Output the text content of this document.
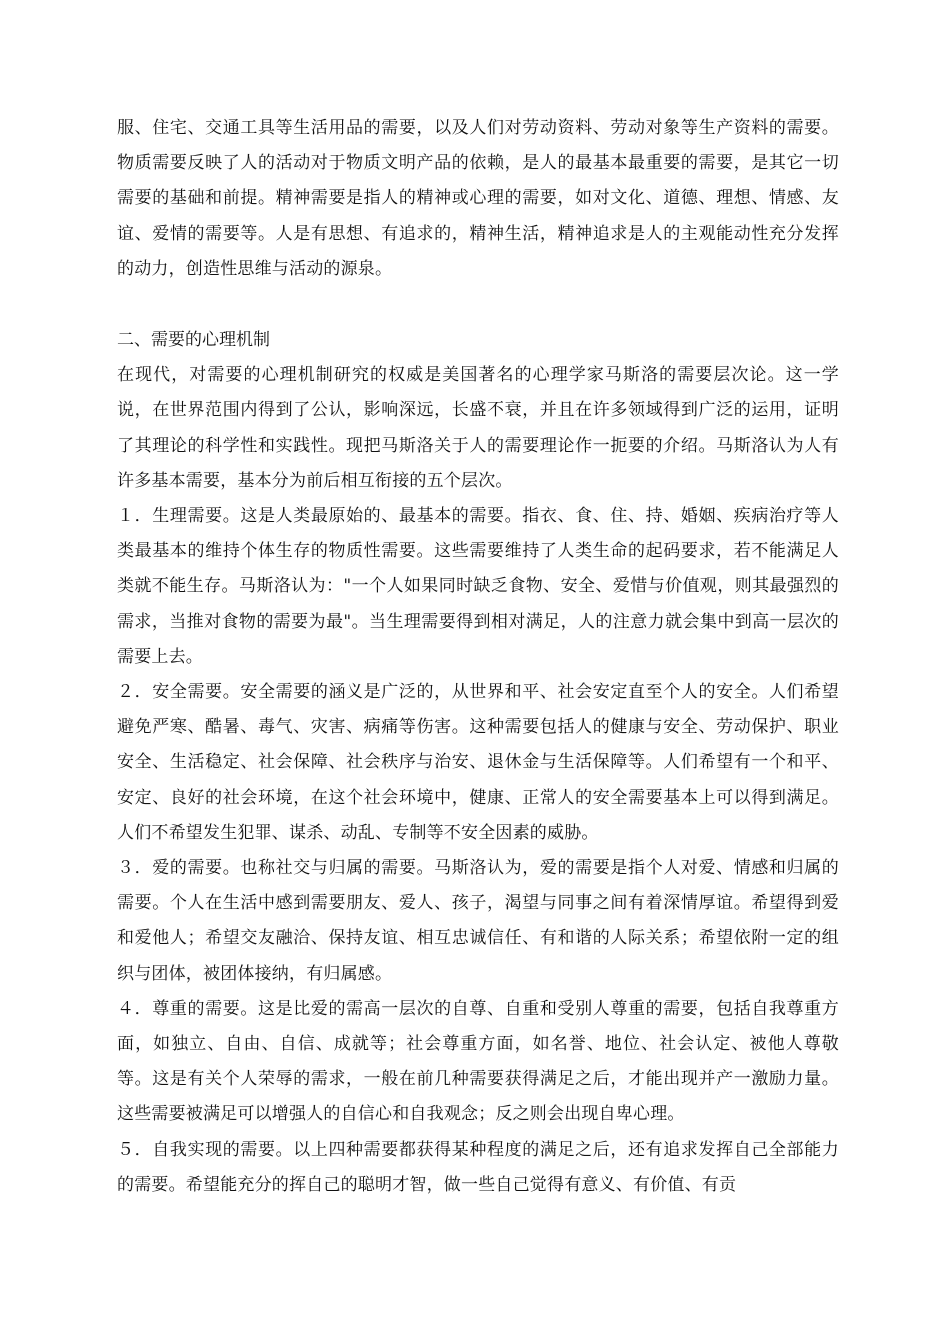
服、住宅、交通工具等生活用品的需要，以及人们对劳动资料、劳动对象等生产资料的需要。物质需要反映了人的活动对于物质文明产品的依赖，是人的最基本最重要的需要，是其它一切需要的基础和前提。精神需要是指人的精神或心理的需要，如对文化、道德、理想、情感、友谊、爱情的需要等。人是有思想、有追求的，精神生活，精神追求是人的主观能动性充分发挥的动力，创造性思维与活动的源泉。

二、需要的心理机制

在现代，对需要的心理机制研究的权威是美国著名的心理学家马斯洛的需要层次论。这一学说，在世界范围内得到了公认，影响深远，长盛不衰，并且在许多领域得到广泛的运用，证明了其理论的科学性和实践性。现把马斯洛关于人的需要理论作一扼要的介绍。马斯洛认为人有许多基本需要，基本分为前后相互衔接的五个层次。

１．生理需要。这是人类最原始的、最基本的需要。指衣、食、住、持、婚姻、疾病治疗等人类最基本的维持个体生存的物质性需要。这些需要维持了人类生命的起码要求，若不能满足人类就不能生存。马斯洛认为："一个人如果同时缺乏食物、安全、爱惜与价值观，则其最强烈的需求，当推对食物的需要为最"。当生理需要得到相对满足，人的注意力就会集中到高一层次的需要上去。

２．安全需要。安全需要的涵义是广泛的，从世界和平、社会安定直至个人的安全。人们希望避免严寒、酷暑、毒气、灾害、病痛等伤害。这种需要包括人的健康与安全、劳动保护、职业安全、生活稳定、社会保障、社会秩序与治安、退休金与生活保障等。人们希望有一个和平、安定、良好的社会环境，在这个社会环境中，健康、正常人的安全需要基本上可以得到满足。人们不希望发生犯罪、谋杀、动乱、专制等不安全因素的威胁。

３．爱的需要。也称社交与归属的需要。马斯洛认为，爱的需要是指个人对爱、情感和归属的需要。个人在生活中感到需要朋友、爱人、孩子，渴望与同事之间有着深情厚谊。希望得到爱和爱他人；希望交友融洽、保持友谊、相互忠诚信任、有和谐的人际关系；希望依附一定的组织与团体，被团体接纳，有归属感。

４．尊重的需要。这是比爱的需高一层次的自尊、自重和受别人尊重的需要，包括自我尊重方面，如独立、自由、自信、成就等；社会尊重方面，如名誉、地位、社会认定、被他人尊敬等。这是有关个人荣辱的需求，一般在前几种需要获得满足之后，才能出现并产一激励力量。这些需要被满足可以增强人的自信心和自我观念；反之则会出现自卑心理。

５．自我实现的需要。以上四种需要都获得某种程度的满足之后，还有追求发挥自己全部能力的需要。希望能充分的挥自己的聪明才智，做一些自己觉得有意义、有价值、有贡
